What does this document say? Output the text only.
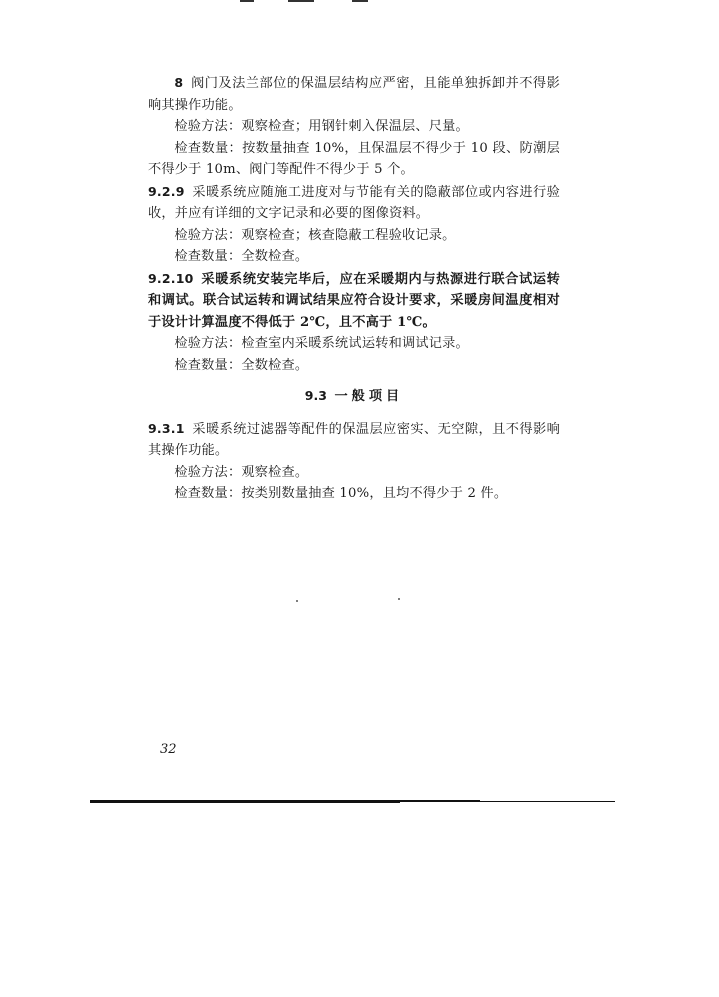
8 阀门及法兰部位的保温层结构应严密，且能单独拆卸并不得影响其操作功能。

检验方法：观察检查；用钢针刺入保温层、尺量。

检查数量：按数量抽查 10%，且保温层不得少于 10 段、防潮层不得少于 10m、阀门等配件不得少于 5 个。

9.2.9 采暖系统应随施工进度对与节能有关的隐蔽部位或内容进行验收，并应有详细的文字记录和必要的图像资料。

检验方法：观察检查；核查隐蔽工程验收记录。

检查数量：全数检查。

9.2.10 采暖系统安装完毕后，应在采暖期内与热源进行联合试运转和调试。联合试运转和调试结果应符合设计要求，采暖房间温度相对于设计计算温度不得低于 2℃，且不高于 1℃。

检验方法：检查室内采暖系统试运转和调试记录。

检查数量：全数检查。

9.3 一般项目

9.3.1 采暖系统过滤器等配件的保温层应密实、无空隙，且不得影响其操作功能。

检验方法：观察检查。

检查数量：按类别数量抽查 10%，且均不得少于 2 件。

32
